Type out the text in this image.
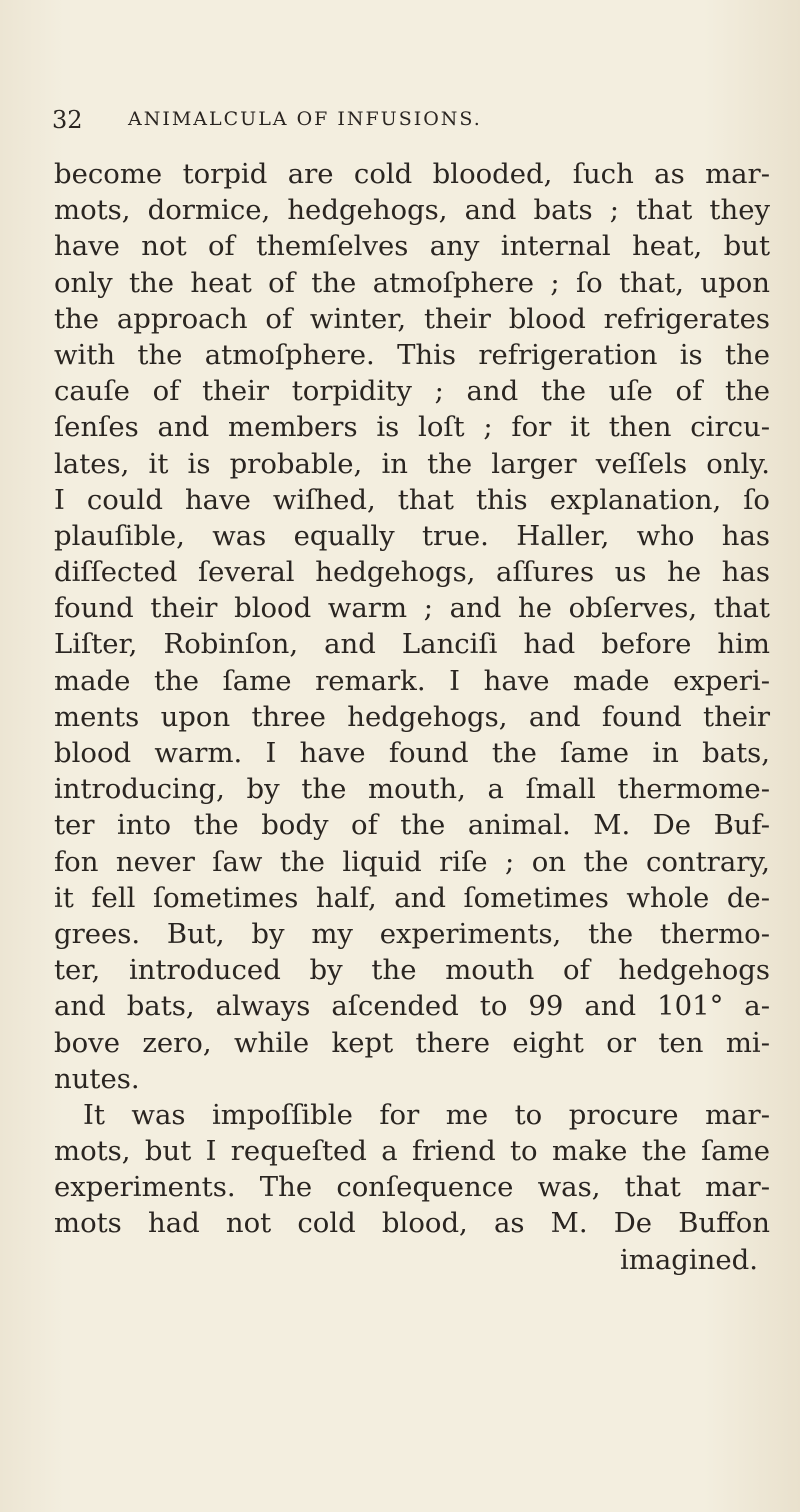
32 ANIMALCULA OF INFUSIONS.
become torpid are cold blooded, ſuch as mar-
mots, dormice, hedgehogs, and bats ; that they
have not of themſelves any internal heat, but
only the heat of the atmoſphere ; ſo that, upon
the approach of winter, their blood refrigerates
with the atmoſphere. This refrigeration is the
cauſe of their torpidity ; and the uſe of the
ſenſes and members is loſt ; for it then circu-
lates, it is probable, in the larger veſſels only.
I could have wiſhed, that this explanation, ſo
plauſible, was equally true. Haller, who has
diſſected ſeveral hedgehogs, aſſures us he has
found their blood warm ; and he obſerves, that
Liſter, Robinſon, and Lanciſi had before him
made the ſame remark. I have made experi-
ments upon three hedgehogs, and found their
blood warm. I have found the ſame in bats,
introducing, by the mouth, a ſmall thermome-
ter into the body of the animal. M. De Buf-
fon never ſaw the liquid riſe ; on the contrary,
it fell ſometimes half, and ſometimes whole de-
grees. But, by my experiments, the thermo-
ter, introduced by the mouth of hedgehogs
and bats, always aſcended to 99 and 101° a-
bove zero, while kept there eight or ten mi-
nutes.
It was impoſſible for me to procure mar-
mots, but I requeſted a friend to make the ſame
experiments. The conſequence was, that mar-
mots had not cold blood, as M. De Buffon
imagined.
